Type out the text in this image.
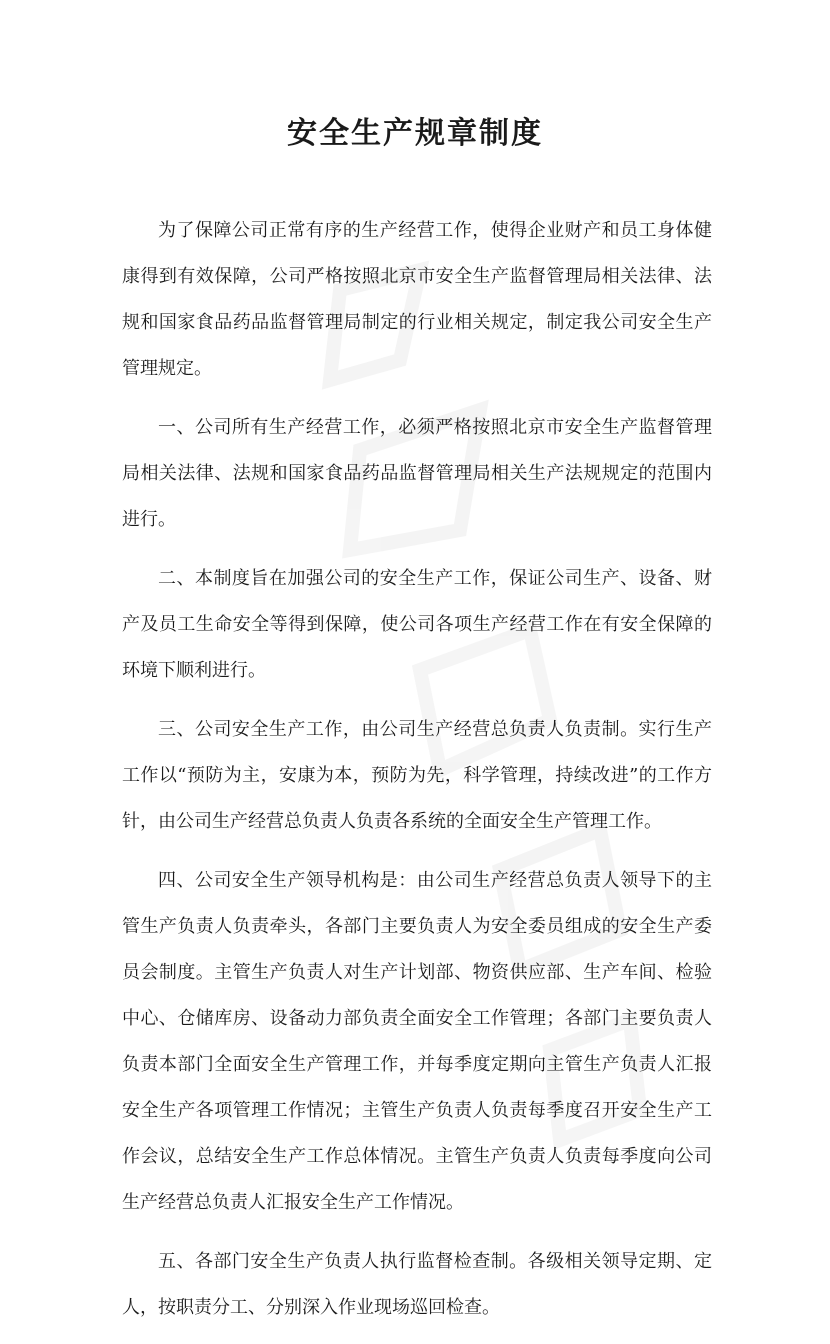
安全生产规章制度

为了保障公司正常有序的生产经营工作，使得企业财产和员工身体健康得到有效保障，公司严格按照北京市安全生产监督管理局相关法律、法规和国家食品药品监督管理局制定的行业相关规定，制定我公司安全生产管理规定。

一、公司所有生产经营工作，必须严格按照北京市安全生产监督管理局相关法律、法规和国家食品药品监督管理局相关生产法规规定的范围内进行。

二、本制度旨在加强公司的安全生产工作，保证公司生产、设备、财产及员工生命安全等得到保障，使公司各项生产经营工作在有安全保障的环境下顺利进行。

三、公司安全生产工作，由公司生产经营总负责人负责制。实行生产工作以“预防为主，安康为本，预防为先，科学管理，持续改进”的工作方针，由公司生产经营总负责人负责各系统的全面安全生产管理工作。

四、公司安全生产领导机构是：由公司生产经营总负责人领导下的主管生产负责人负责牵头，各部门主要负责人为安全委员组成的安全生产委员会制度。主管生产负责人对生产计划部、物资供应部、生产车间、检验中心、仓储库房、设备动力部负责全面安全工作管理；各部门主要负责人负责本部门全面安全生产管理工作，并每季度定期向主管生产负责人汇报安全生产各项管理工作情况；主管生产负责人负责每季度召开安全生产工作会议，总结安全生产工作总体情况。主管生产负责人负责每季度向公司生产经营总负责人汇报安全生产工作情况。

五、各部门安全生产负责人执行监督检查制。各级相关领导定期、定人，按职责分工、分别深入作业现场巡回检查。
